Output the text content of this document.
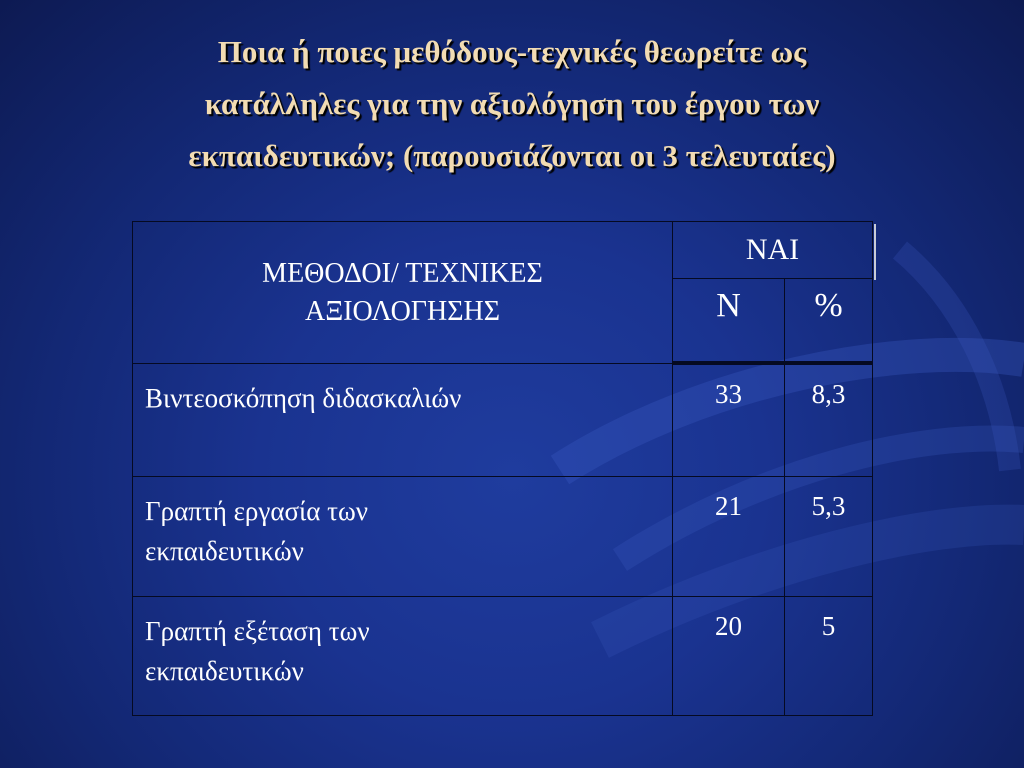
Ποια ή ποιες μεθόδους-τεχνικές θεωρείτε ως
κατάλληλες για την αξιολόγηση του έργου των
εκπαιδευτικών; (παρουσιάζονται οι 3 τελευταίες)
ΜΕΘΟΔΟΙ/ ΤΕΧΝΙΚΕΣ
ΑΞΙΟΛΟΓΗΣΗΣ	ΝΑΙ	
	Ν	%
Βιντεοσκόπηση διδασκαλιών	33	8,3
Γραπτή εργασία των
εκπαιδευτικών	21	5,3
Γραπτή εξέταση των
εκπαιδευτικών	20	5
